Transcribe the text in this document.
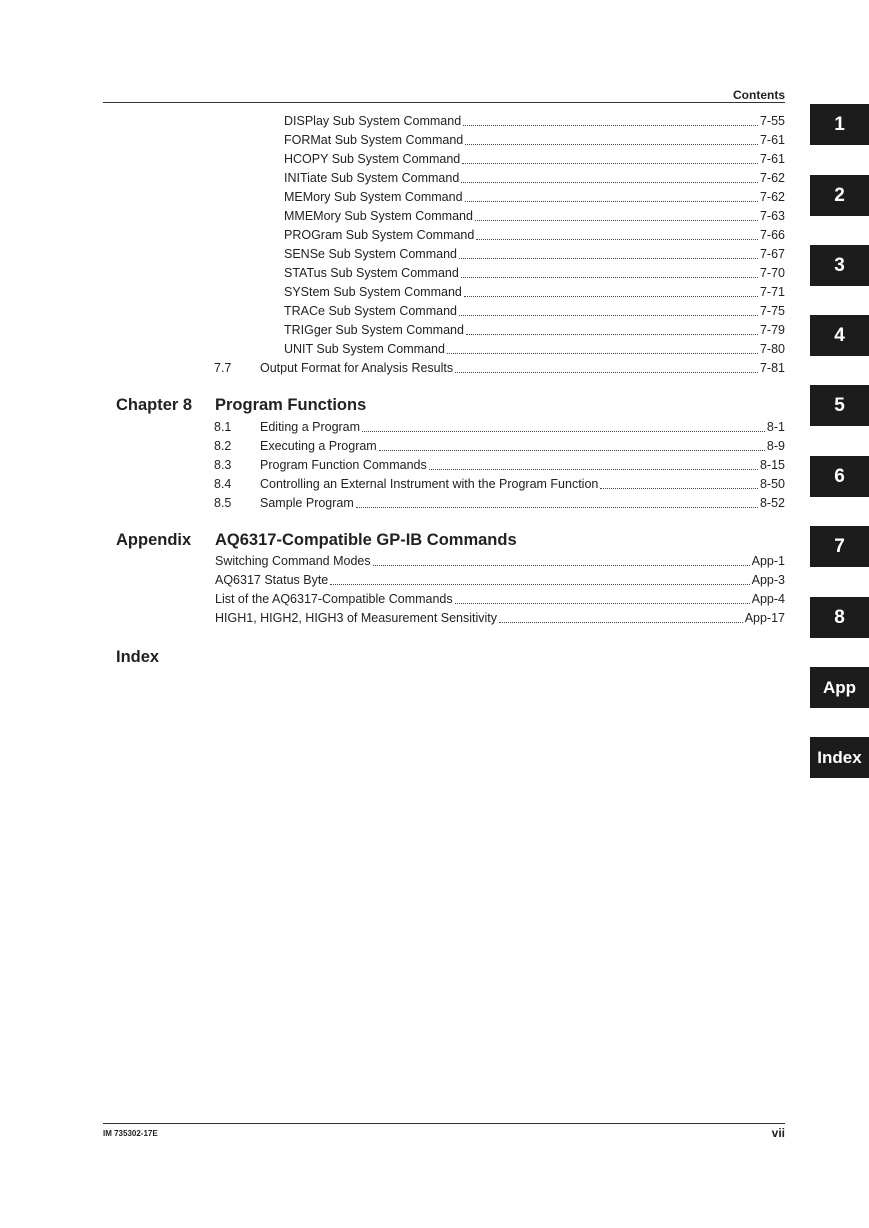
Contents
DISPlay Sub System Command	7-55
FORMat Sub System Command	7-61
HCOPY Sub System Command	7-61
INITiate Sub System Command	7-62
MEMory Sub System Command	7-62
MMEMory Sub System Command	7-63
PROGram Sub System Command	7-66
SENSe Sub System Command	7-67
STATus Sub System Command	7-70
SYStem Sub System Command	7-71
TRACe Sub System Command	7-75
TRIGger Sub System Command	7-79
UNIT Sub System Command	7-80
7.7 Output Format for Analysis Results	7-81
Chapter 8 Program Functions
8.1 Editing a Program	8-1
8.2 Executing a Program	8-9
8.3 Program Function Commands	8-15
8.4 Controlling an External Instrument with the Program Function	8-50
8.5 Sample Program	8-52
Appendix AQ6317-Compatible GP-IB Commands
Switching Command Modes	App-1
AQ6317 Status Byte	App-3
List of the AQ6317-Compatible Commands	App-4
HIGH1, HIGH2, HIGH3 of Measurement Sensitivity	App-17
Index
1
2
3
4
5
6
7
8
App
Index
IM 735302-17E	vii
